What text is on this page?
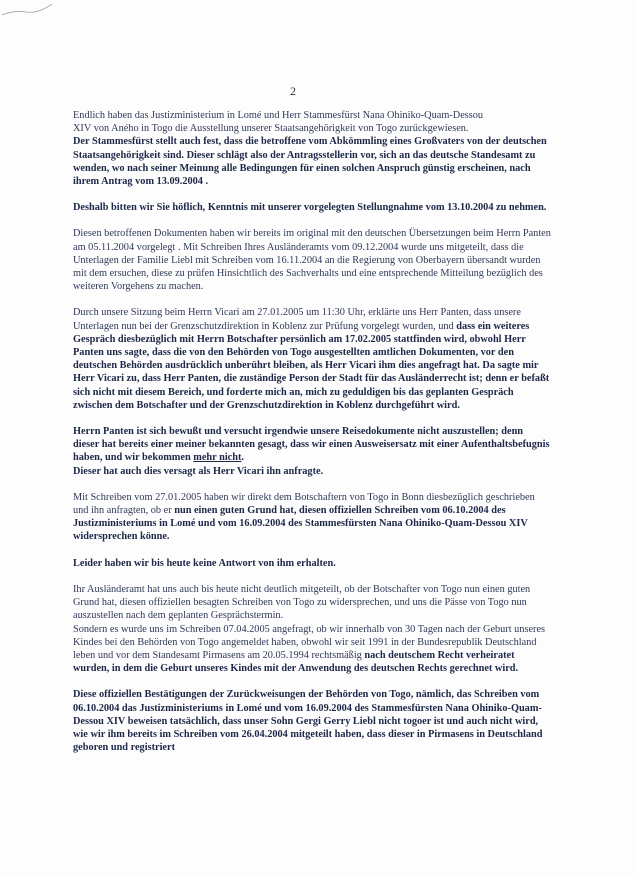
2

Endlich haben das Justizministerium in Lomé und Herr Stammesfürst Nana Ohiniko-Quam-Dessou

XIV von Aného in Togo die Ausstellung unserer Staatsangehörigkeit von Togo zurückgewiesen.

Der Stammesfürst stellt auch fest, dass die betroffene vom Abkömmling eines Großvaters von der deutschen Staatsangehörigkeit sind. Dieser schlägt also der Antragsstellerin vor, sich an das deutsche Standesamt zu wenden, wo nach seiner Meinung alle Bedingungen für einen solchen Anspruch günstig erscheinen, nach ihrem Antrag vom 13.09.2004 .

Deshalb bitten wir Sie höflich, Kenntnis mit unserer vorgelegten Stellungnahme vom 13.10.2004 zu nehmen.

Diesen betroffenen Dokumenten haben wir bereits im original mit den deutschen Übersetzungen beim Herrn Panten am 05.11.2004 vorgelegt . Mit Schreiben Ihres Ausländeramts vom 09.12.2004 wurde uns mitgeteilt, dass die Unterlagen der Familie Liebl mit Schreiben vom 16.11.2004 an die Regierung von Oberbayern übersandt wurden mit dem ersuchen, diese zu prüfen Hinsichtlich des Sachverhalts und eine entsprechende Mitteilung bezüglich des weiteren Vorgehens zu machen.

Durch unsere Sitzung beim Herrn Vicari am 27.01.2005 um 11:30 Uhr, erklärte uns Herr Panten, dass unsere Unterlagen nun bei der Grenzschutzdirektion in Koblenz zur Prüfung vorgelegt wurden, und dass ein weiteres Gespräch diesbezüglich mit Herrn Botschafter persönlich am 17.02.2005 stattfinden wird, obwohl Herr Panten uns sagte, dass die von den Behörden von Togo ausgestellten amtlichen Dokumenten, vor den deutschen Behörden ausdrücklich unberührt bleiben, als Herr Vicari ihm dies angefragt hat. Da sagte mir Herr Vicari zu, dass Herr Panten, die zuständige Person der Stadt für das Ausländerrecht ist; denn er befaßt sich nicht mit diesem Bereich, und forderte mich an, mich zu geduldigen bis das geplanten Gespräch zwischen dem Botschafter und der Grenzschutzdirektion in Koblenz durchgeführt wird.

Herrn Panten ist sich bewußt und versucht irgendwie unsere Reisedokumente nicht auszustellen; denn dieser hat bereits einer meiner bekannten gesagt, dass wir einen Ausweisersatz mit einer Aufenthaltsbefugnis haben, und wir bekommen mehr nicht.
Dieser hat auch dies versagt als Herr Vicari ihn anfragte.

Mit Schreiben vom 27.01.2005 haben wir direkt dem Botschaftern von Togo in Bonn diesbezüglich geschrieben und ihn anfragten, ob er nun einen guten Grund hat, diesen offiziellen Schreiben vom 06.10.2004 des Justizministeriums in Lomé und vom 16.09.2004 des Stammesfürsten Nana Ohiniko-Quam-Dessou XIV widersprechen könne.

Leider haben wir bis heute keine Antwort von ihm erhalten.

Ihr Ausländeramt hat uns auch bis heute nicht deutlich mitgeteilt, ob der Botschafter von Togo nun einen guten Grund hat, diesen offiziellen besagten Schreiben von Togo zu widersprechen, und uns die Pässe von Togo nun auszustellen nach dem geplanten Gesprächstermin.

Sondern es wurde uns im Schreiben 07.04.2005 angefragt, ob wir innerhalb von 30 Tagen nach der Geburt unseres Kindes bei den Behörden von Togo angemeldet haben, obwohl wir seit 1991 in der Bundesrepublik Deutschland leben und vor dem Standesamt Pirmasens am 20.05.1994 rechtsmäßig nach deutschem Recht verheiratet wurden, in dem die Geburt unseres Kindes mit der Anwendung des deutschen Rechts gerechnet wird.

Diese offiziellen Bestätigungen der Zurückweisungen der Behörden von Togo, nämlich, das Schreiben vom 06.10.2004 das Justizministeriums in Lomé und vom 16.09.2004 des Stammesfürsten Nana Ohiniko-Quam-Dessou XIV beweisen tatsächlich, dass unser Sohn Gergi Gerry Liebl nicht togoer ist und auch nicht wird, wie wir ihm bereits im Schreiben vom 26.04.2004 mitgeteilt haben, dass dieser in Pirmasens in Deutschland geboren und registriert
